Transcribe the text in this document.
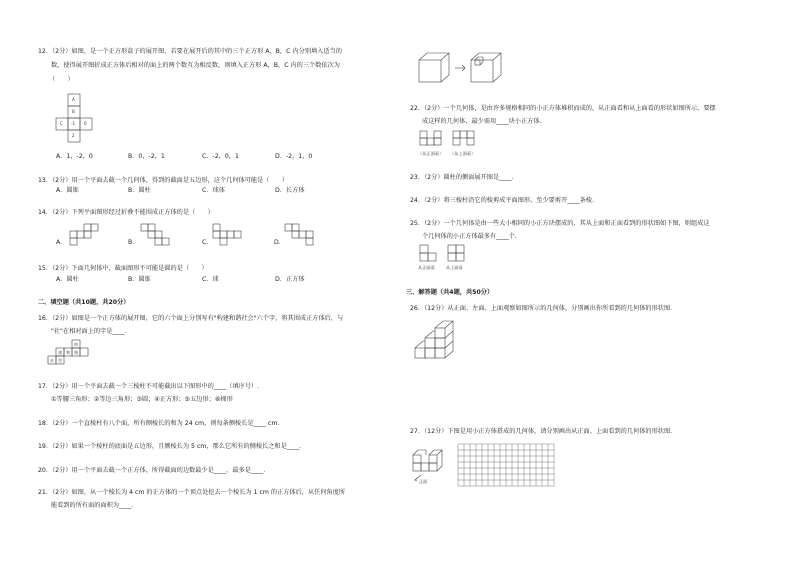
12．（2分）如图，是一个正方形盒子的展开图，若要在展开后的其中的三个正方形 A，B，C 内分别填入适当的
数，使得展开图折成正方体后相对的面上的两个数互为相反数，则填入正方形 A，B，C 内的三个数依次为
（　　）
A
B
C -1 0
2
A．1，-2，0	B．0，-2，1	C．-2，0，1	D．-2，1，0
13．（2分）用一个平面去截一个几何体，得到的截面是五边形，这个几何体可能是（　　）
A．圆锥	B．圆柱	C．球体	D．长方体
14．（2分）下列平面图形经过折叠不能围成正方体的是（　　）
A．	B．	C．	D．
15．（2分）下面几何体中，截面图形不可能是圆的是（　　）
A．圆柱	B．圆锥	C．球	D．正方体
二、填空题（共10题，共20分）
16．（2分）如图是一个正方体的展开图，它的六个面上分别写有"构建和谐社会"六个字，将其围成正方体后，与
"社"在相对面上的字是____.
构
建 和 谐
社 会
17．（2分）用一个平面去截一个三棱柱不可能截出以下图形中的____（填序号）.
①等腰三角形；②等边三角形；③圆；④正方形；⑤五边形；⑥梯形
18．（2分）一个直棱柱有八个面，所有侧棱长的和为 24 cm，则每条侧棱长是____ cm.
19．（2分）如果一个棱柱的底面是五边形，且侧棱长为 5 cm，那么它所有的侧棱长之和是____.
20．（2分）用一个平面去截一个正方体，所得截面的边数最少是____，最多是____.
21．（2分）如图，从一个棱长为 4 cm 的正方体的一个顶点处挖去一个棱长为 1 cm 的正方体后，从任何角度所
能看到的所有面的面积为____.
22．（2分）一个几何体，是由许多规格相同的小正方体堆积而成的，从正面看和从上面看的形状如图所示，要摆
成这样的几何体，最少需用____块小正方体.
（从正面看） （从上面看）
23．（2分）圆柱的侧面展开图是____.
24．（2分）将三棱柱沿它的棱剪成平面图形，至少要剪开____条棱.
25．（2分）一个几何体是由一些大小相同的小正方块摆成的，其从上面和正面看到的形状图如下图，则组成这
个几何体的小正方体最多有____个.
从正面看	从上面看
三、解答题（共4题，共50分）
26．（12分）从正面、左面、上面观察如图所示的几何体，分别画出你所看到的几何体的形状图.
27．（12分）下图是用小正方体搭成的几何体，请分别画出从正面、上面看到的几何体的形状图.
正面
